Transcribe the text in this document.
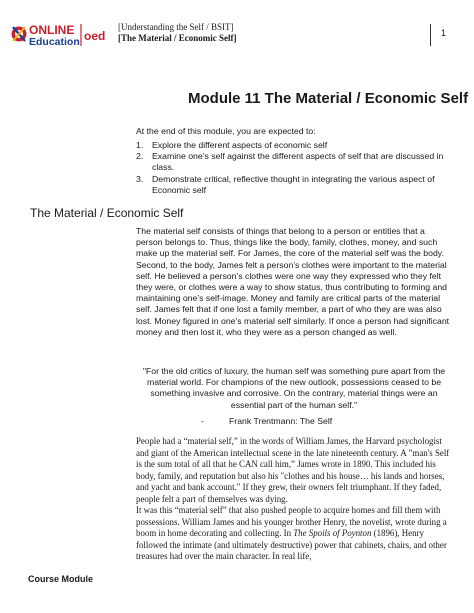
ONLINE
Education oed
[Understanding the Self / BSIT]
[The Material / Economic Self]	1
Module 11 The Material / Economic Self
At the end of this module, you are expected to:
1. Explore the different aspects of economic self
2. Examine one’s self against the different aspects of self that are discussed in class.
3. Demonstrate critical, reflective thought in integrating the various aspect of Economic self
The Material / Economic Self

The material self consists of things that belong to a person or entities that a person belongs to. Thus, things like the body, family, clothes, money, and such make up the material self. For James, the core of the material self was the body. Second, to the body, James felt a person’s clothes were important to the material self. He believed a person’s clothes were one way they expressed who they felt they were, or clothes were a way to show status, thus contributing to forming and maintaining one’s self-image. Money and family are critical parts of the material self. James felt that if one lost a family member, a part of who they are was also lost. Money figured in one’s material self similarly. If once a person had significant money and then lost it, who they were as a person changed as well.

"For the old critics of luxury, the human self was something pure apart from the material world. For champions of the new outlook, possessions ceased to be something invasive and corrosive. On the contrary, material things were an essential part of the human self."

-	Frank Trentmann: The Self

People had a “material self,” in the words of William James, the Harvard psychologist and giant of the American intellectual scene in the late nineteenth century. A ”man's Self is the sum total of all that he CAN call him,” James wrote in 1890. This included his body, family, and reputation but also his "clothes and his house… his lands and horses, and yacht and bank account." If they grew, their owners felt triumphant. If they faded, people felt a part of themselves was dying.

It was this “material self” that also pushed people to acquire homes and fill them with possessions. William James and his younger brother Henry, the novelist, wrote during a boom in home decorating and collecting. In The Spoils of Poynton (1896), Henry followed the intimate (and ultimately destructive) power that cabinets, chairs, and other treasures had over the main character. In real life,

Course Module
